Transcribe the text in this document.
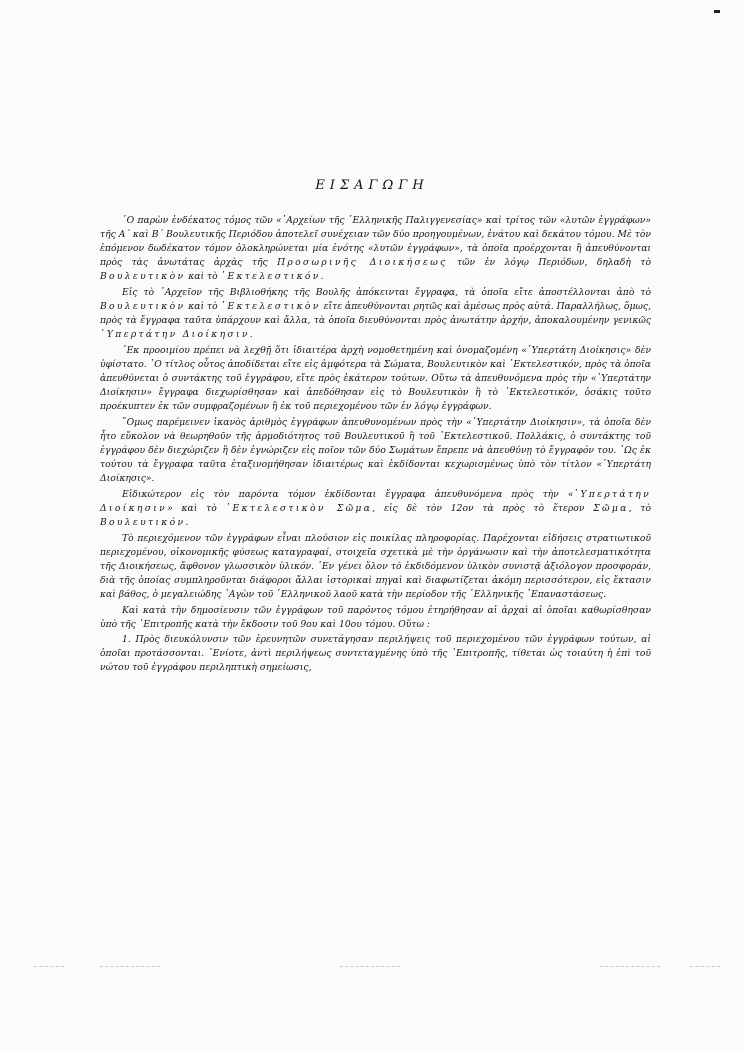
ΕΙΣΑΓΩΓΗ

῾Ο παρὼν ἑνδέκατος τόμος τῶν «᾿Αρχείων τῆς ῾Ελληνικῆς Παλιγγενεσίας» καὶ τρίτος τῶν «λυτῶν ἐγγράφων» τῆς Α´ καὶ Β´ Βουλευτικῆς Περιόδου ἀποτελεῖ συνέχειαν τῶν δύο προηγουμένων, ἐνάτου καὶ δεκάτου τόμου. Μὲ τὸν ἑπόμενον δωδέκατον τόμον ὁλοκληρώνεται μία ἑνότης «λυτῶν ἐγγράφων», τὰ ὁποῖα προέρχονται ἢ ἀπευθύνονται πρὸς τὰς ἀνωτάτας ἀρχὰς τῆς Προσωρινῆς Διοικήσεως τῶν ἐν λόγῳ Περιόδων, δηλαδὴ τὸ Βουλευτικὸν καὶ τὸ ᾿Εκτελεστικόν.

Εἰς τὸ ᾿Αρχεῖον τῆς Βιβλιοθήκης τῆς Βουλῆς ἀπόκεινται ἔγγραφα, τὰ ὁποῖα εἴτε ἀποστέλλονται ἀπὸ τὸ Βουλευτικὸν καὶ τὸ ᾿Εκτελεστικὸν εἴτε ἀπευθύνονται ρητῶς καὶ ἀμέσως πρὸς αὐτά. Παραλλήλως, ὅμως, πρὸς τὰ ἔγγραφα ταῦτα ὑπάρχουν καὶ ἄλλα, τὰ ὁποῖα διευθύνονται πρὸς ἀνωτάτην ἀρχήν, ἀποκαλουμένην γενικῶς ῾Υπερτάτην Διοίκησιν.

᾿Εκ προοιμίου πρέπει νὰ λεχθῇ ὅτι ἰδιαιτέρα ἀρχὴ νομοθετημένη καὶ ὀνομαζομένη «῾Υπερτάτη Διοίκησις» δὲν ὑφίστατο. ῾Ο τίτλος οὗτος ἀποδίδεται εἴτε εἰς ἀμφότερα τὰ Σώματα, Βουλευτικὸν καὶ ᾿Εκτελεστικόν, πρὸς τὰ ὁποῖα ἀπευθύνεται ὁ συντάκτης τοῦ ἐγγράφου, εἴτε πρὸς ἑκάτερον τούτων. Οὕτω τὰ ἀπευθυνόμενα πρὸς τὴν «῾Υπερτάτην Διοίκησιν» ἔγγραφα διεχωρίσθησαν καὶ ἀπεδόθησαν εἰς τὸ Βουλευτικὸν ἢ τὸ ᾿Εκτελεστικόν, ὁσάκις τοῦτο προέκυπτεν ἐκ τῶν συμφραζομένων ἢ ἐκ τοῦ περιεχομένου τῶν ἐν λόγῳ ἐγγράφων.

῞Ομως παρέμεινεν ἱκανὸς ἀριθμὸς ἐγγράφων ἀπευθυνομένων πρὸς τὴν «῾Υπερτάτην Διοίκησιν», τὰ ὁποῖα δὲν ἦτο εὔκολον νὰ θεωρηθοῦν τῆς ἁρμοδιότητος τοῦ Βουλευτικοῦ ἢ τοῦ ᾿Εκτελεστικοῦ. Πολλάκις, ὁ συντάκτης τοῦ ἐγγράφου δὲν διεχώριζεν ἢ δὲν ἐγνώριζεν εἰς ποῖον τῶν δύο Σωμάτων ἔπρεπε νὰ ἀπευθύνῃ τὸ ἔγγραφόν του. ῾Ως ἐκ τούτου τὰ ἔγγραφα ταῦτα ἐταξινομήθησαν ἰδιαιτέρως καὶ ἐκδίδονται κεχωρισμένως ὑπὸ τὸν τίτλον «῾Υπερτάτη Διοίκησις».

Εἰδικώτερον εἰς τὸν παρόντα τόμον ἐκδίδονται ἔγγραφα ἀπευθυνόμενα πρὸς τὴν «῾Υπερτάτην Διοίκησιν» καὶ τὸ ᾿Εκτελεστικὸν Σῶμα, εἰς δὲ τὸν 12ον τὰ πρὸς τὸ ἕτερον Σῶμα, τὸ Βουλευτικόν.

Τὸ περιεχόμενον τῶν ἐγγράφων εἶναι πλούσιον εἰς ποικίλας πληροφορίας. Παρέχονται εἰδήσεις στρατιωτικοῦ περιεχομένου, οἰκονομικῆς φύσεως καταγραφαί, στοιχεῖα σχετικὰ μὲ τὴν ὀργάνωσιν καὶ τὴν ἀποτελεσματικότητα τῆς Διοικήσεως, ἄφθονον γλωσσικὸν ὑλικόν. ᾿Εν γένει ὅλον τὸ ἐκδιδόμενον ὑλικὸν συνιστᾷ ἀξιόλογον προσφοράν, διὰ τῆς ὁποίας συμπληροῦνται διάφοροι ἄλλαι ἱστορικαὶ πηγαὶ καὶ διαφωτίζεται ἀκόμη περισσότερον, εἰς ἔκτασιν καὶ βάθος, ὁ μεγαλειώδης ᾿Αγὼν τοῦ ῾Ελληνικοῦ λαοῦ κατὰ τὴν περίοδον τῆς ῾Ελληνικῆς ᾿Επαναστάσεως.

Καὶ κατὰ τὴν δημοσίευσιν τῶν ἐγγράφων τοῦ παρόντος τόμου ἐτηρήθησαν αἱ ἀρχαὶ αἱ ὁποῖαι καθωρίσθησαν ὑπὸ τῆς ᾿Επιτροπῆς κατὰ τὴν ἔκδοσιν τοῦ 9ου καὶ 10ου τόμου. Οὕτω :

1. Πρὸς διευκόλυνσιν τῶν ἐρευνητῶν συνετάγησαν περιλήψεις τοῦ περιεχομένου τῶν ἐγγράφων τούτων, αἱ ὁποῖαι προτάσσονται. ᾿Ενίοτε, ἀντὶ περιλήψεως συντεταγμένης ὑπὸ τῆς ᾿Επιτροπῆς, τίθεται ὡς τοιαύτη ἡ ἐπὶ τοῦ νώτου τοῦ ἐγγράφου περιληπτικὴ σημείωσις,
